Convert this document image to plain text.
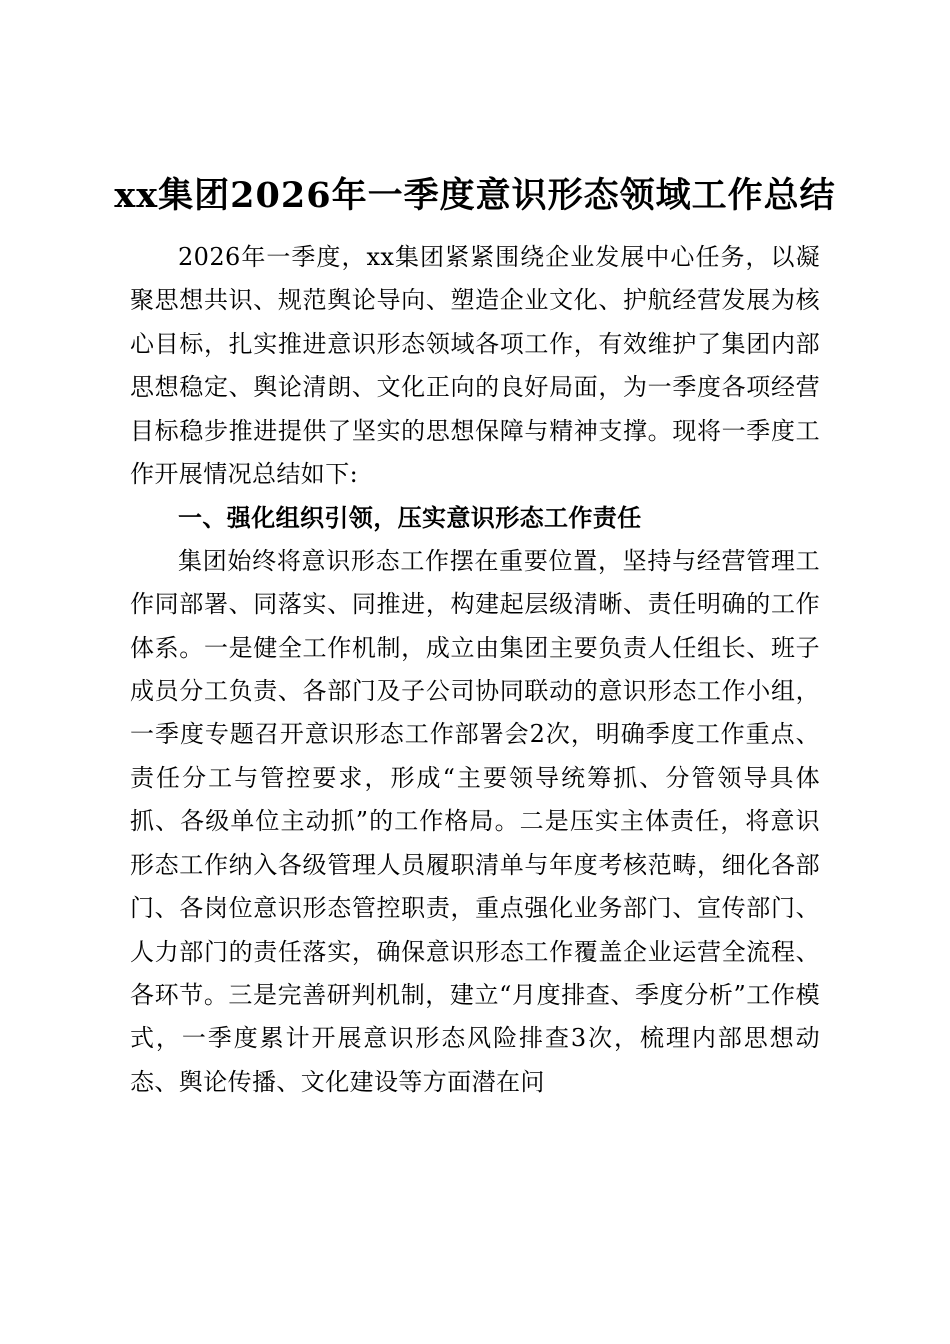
xx集团2026年一季度意识形态领域工作总结

2026年一季度，xx集团紧紧围绕企业发展中心任务，以凝聚思想共识、规范舆论导向、塑造企业文化、护航经营发展为核心目标，扎实推进意识形态领域各项工作，有效维护了集团内部思想稳定、舆论清朗、文化正向的良好局面，为一季度各项经营目标稳步推进提供了坚实的思想保障与精神支撑。现将一季度工作开展情况总结如下:

一、强化组织引领，压实意识形态工作责任

集团始终将意识形态工作摆在重要位置，坚持与经营管理工作同部署、同落实、同推进，构建起层级清晰、责任明确的工作体系。一是健全工作机制，成立由集团主要负责人任组长、班子成员分工负责、各部门及子公司协同联动的意识形态工作小组，一季度专题召开意识形态工作部署会2次，明确季度工作重点、责任分工与管控要求，形成“主要领导统筹抓、分管领导具体抓、各级单位主动抓”的工作格局。二是压实主体责任，将意识形态工作纳入各级管理人员履职清单与年度考核范畴，细化各部门、各岗位意识形态管控职责，重点强化业务部门、宣传部门、人力部门的责任落实，确保意识形态工作覆盖企业运营全流程、各环节。三是完善研判机制，建立“月度排查、季度分析”工作模式，一季度累计开展意识形态风险排查3次，梳理内部思想动态、舆论传播、文化建设等方面潜在问
